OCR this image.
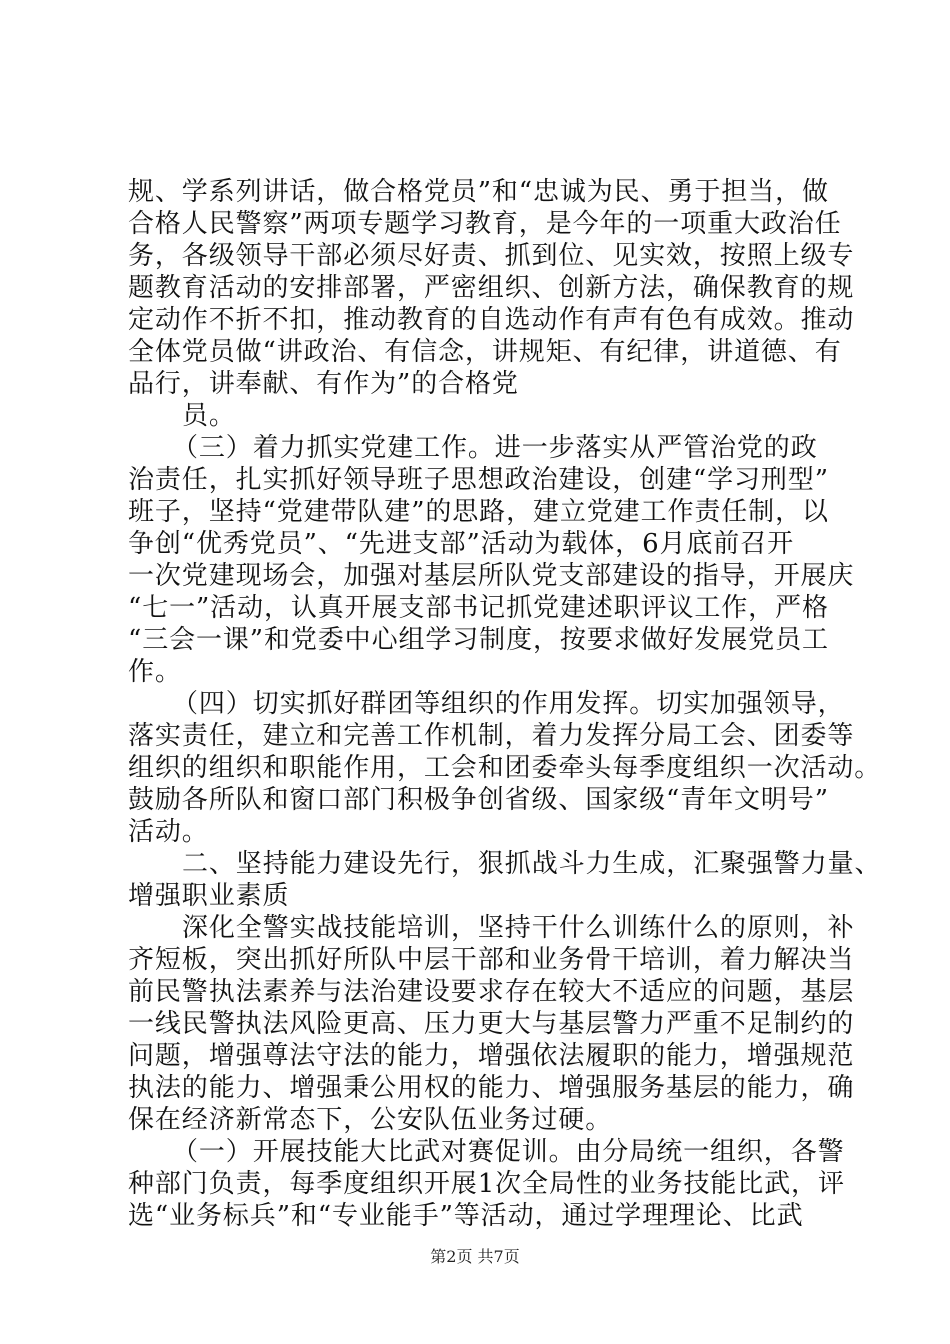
规、学系列讲话，做合格党员”和“忠诚为民、勇于担当，做
合格人民警察”两项专题学习教育，是今年的一项重大政治任
务，各级领导干部必须尽好责、抓到位、见实效，按照上级专
题教育活动的安排部署，严密组织、创新方法，确保教育的规
定动作不折不扣，推动教育的自选动作有声有色有成效。推动
全体党员做“讲政治、有信念，讲规矩、有纪律，讲道德、有
品行，讲奉献、有作为”的合格党
员。
（三）着力抓实党建工作。进一步落实从严管治党的政
治责任，扎实抓好领导班子思想政治建设，创建“学习刑型”
班子，坚持“党建带队建”的思路，建立党建工作责任制，以
争创“优秀党员”、“先进支部”活动为载体，6月底前召开
一次党建现场会，加强对基层所队党支部建设的指导，开展庆
“七一”活动，认真开展支部书记抓党建述职评议工作，严格
“三会一课”和党委中心组学习制度，按要求做好发展党员工
作。
（四）切实抓好群团等组织的作用发挥。切实加强领导，
落实责任，建立和完善工作机制，着力发挥分局工会、团委等
组织的组织和职能作用，工会和团委牵头每季度组织一次活动。
鼓励各所队和窗口部门积极争创省级、国家级“青年文明号”
活动。
二、坚持能力建设先行，狠抓战斗力生成，汇聚强警力量、
增强职业素质
深化全警实战技能培训，坚持干什么训练什么的原则，补
齐短板，突出抓好所队中层干部和业务骨干培训，着力解决当
前民警执法素养与法治建设要求存在较大不适应的问题，基层
一线民警执法风险更高、压力更大与基层警力严重不足制约的
问题，增强尊法守法的能力，增强依法履职的能力，增强规范
执法的能力、增强秉公用权的能力、增强服务基层的能力，确
保在经济新常态下，公安队伍业务过硬。
（一）开展技能大比武对赛促训。由分局统一组织，各警
种部门负责，每季度组织开展1次全局性的业务技能比武，评
选“业务标兵”和“专业能手”等活动，通过学理理论、比武
第2页 共7页
